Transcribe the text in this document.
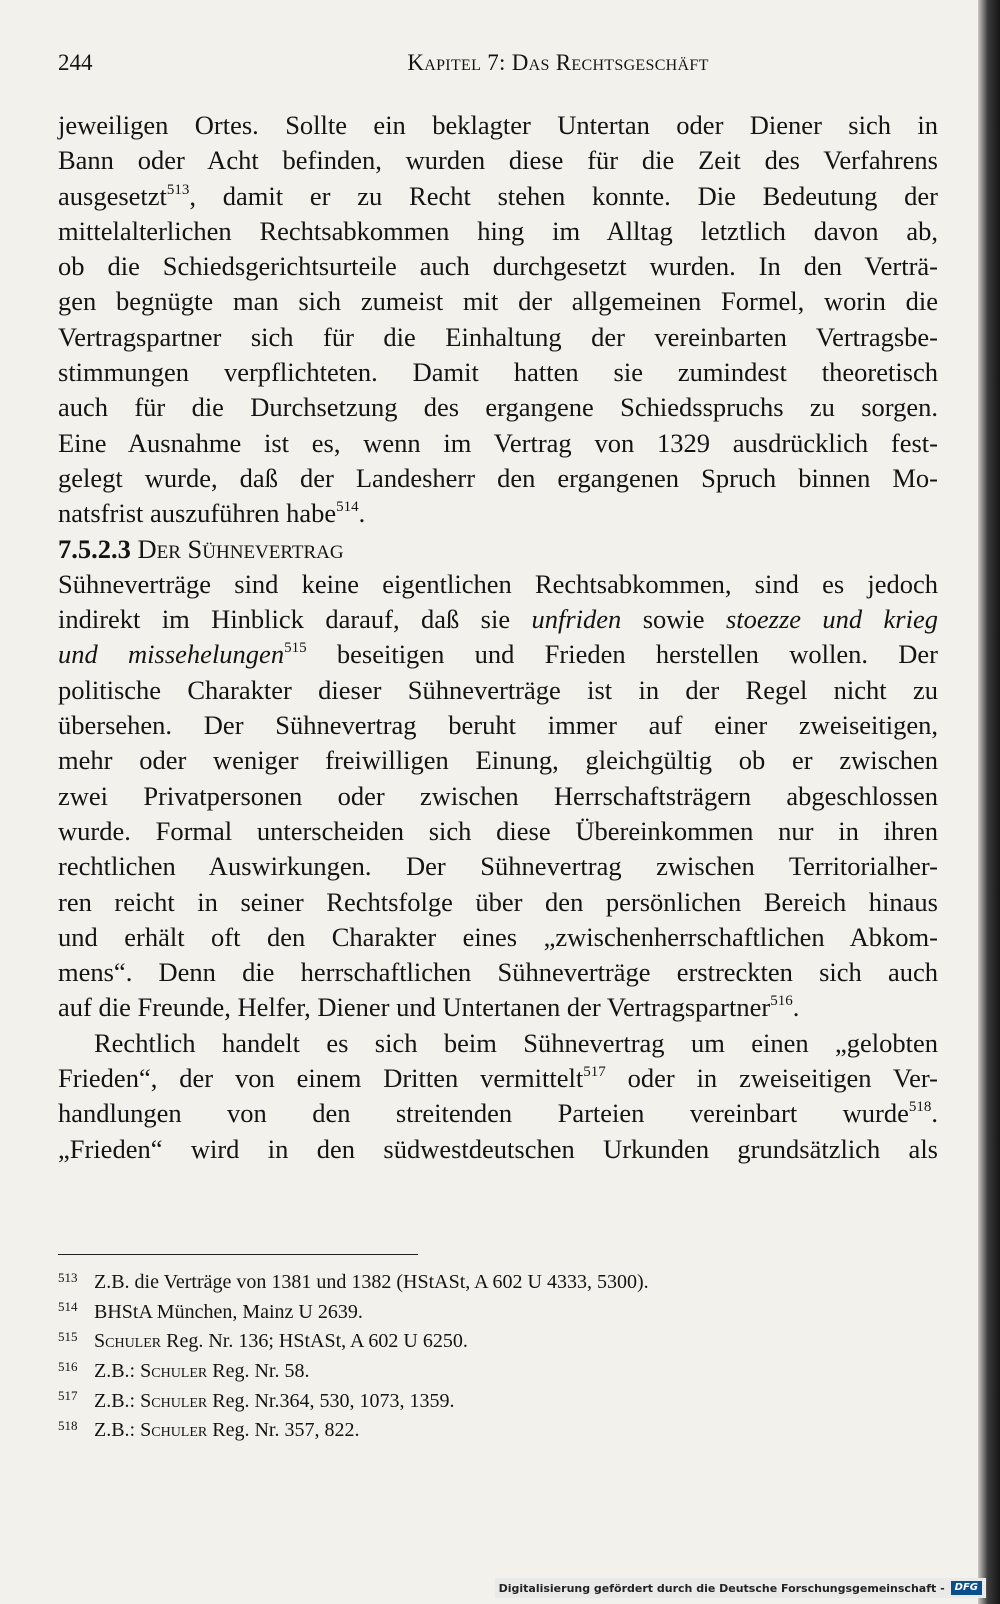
244	Kapitel 7: Das Rechtsgeschäft
jeweiligen Ortes. Sollte ein beklagter Untertan oder Diener sich in
Bann oder Acht befinden, wurden diese für die Zeit des Verfahrens
ausgesetzt$^{513}$, damit er zu Recht stehen konnte. Die Bedeutung der
mittelalterlichen Rechtsabkommen hing im Alltag letztlich davon ab,
ob die Schiedsgerichtsurteile auch durchgesetzt wurden. In den Verträ-
gen begnügte man sich zumeist mit der allgemeinen Formel, worin die
Vertragspartner sich für die Einhaltung der vereinbarten Vertragsbe-
stimmungen verpflichteten. Damit hatten sie zumindest theoretisch
auch für die Durchsetzung des ergangene Schiedsspruchs zu sorgen.
Eine Ausnahme ist es, wenn im Vertrag von 1329 ausdrücklich fest-
gelegt wurde, daß der Landesherr den ergangenen Spruch binnen Mo-
natsfrist auszuführen habe$^{514}$.
7.5.2.3 Der Sühnevertrag
Sühneverträge sind keine eigentlichen Rechtsabkommen, sind es jedoch
indirekt im Hinblick darauf, daß sie unfriden sowie stoezze und krieg
und missehelungen$^{515}$ beseitigen und Frieden herstellen wollen. Der
politische Charakter dieser Sühneverträge ist in der Regel nicht zu
übersehen. Der Sühnevertrag beruht immer auf einer zweiseitigen,
mehr oder weniger freiwilligen Einung, gleichgültig ob er zwischen
zwei Privatpersonen oder zwischen Herrschaftsträgern abgeschlossen
wurde. Formal unterscheiden sich diese Übereinkommen nur in ihren
rechtlichen Auswirkungen. Der Sühnevertrag zwischen Territorialher-
ren reicht in seiner Rechtsfolge über den persönlichen Bereich hinaus
und erhält oft den Charakter eines „zwischenherrschaftlichen Abkom-
mens“. Denn die herrschaftlichen Sühneverträge erstreckten sich auch
auf die Freunde, Helfer, Diener und Untertanen der Vertragspartner$^{516}$.
Rechtlich handelt es sich beim Sühnevertrag um einen „gelobten
Frieden“, der von einem Dritten vermittelt$^{517}$ oder in zweiseitigen Ver-
handlungen von den streitenden Parteien vereinbart wurde$^{518}$.
„Frieden“ wird in den südwestdeutschen Urkunden grundsätzlich als
513 Z.B. die Verträge von 1381 und 1382 (HStASt, A 602 U 4333, 5300).
514 BHStA München, Mainz U 2639.
515 Schuler Reg. Nr. 136; HStASt, A 602 U 6250.
516 Z.B.: Schuler Reg. Nr. 58.
517 Z.B.: Schuler Reg. Nr.364, 530, 1073, 1359.
518 Z.B.: Schuler Reg. Nr. 357, 822.
Digitalisierung gefördert durch die Deutsche Forschungsgemeinschaft -	DFG
